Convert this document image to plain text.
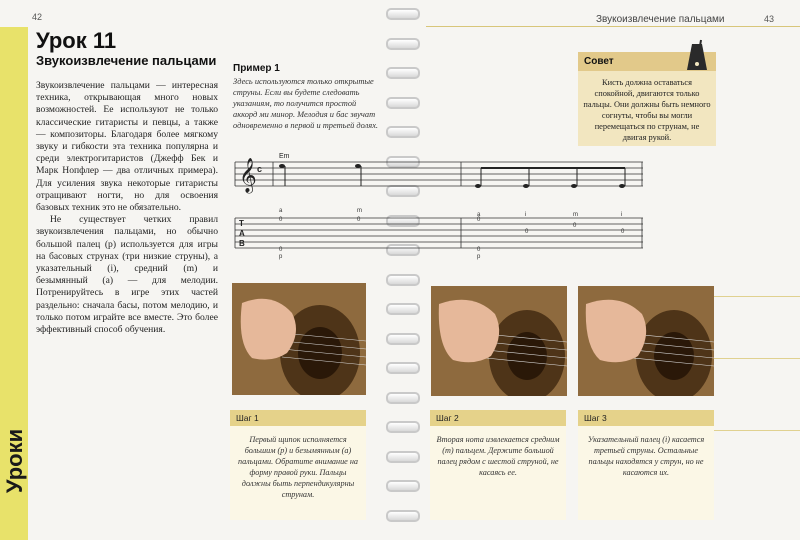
Уроки
42
Урок 11
Звукоизвлечение пальцами

Звукоизвлечение пальцами — интересная техника, открывающая много новых возможностей. Ее используют не только классические гитаристы и певцы, а также — композиторы. Благодаря более мягкому звуку и гибкости эта техника популярна и среди электрогитаристов (Джефф Бек и Марк Нопфлер — два отличных примера). Для усиления звука некоторые гитаристы отращивают ногти, но для освоения базовых техник это не обязательно.

Не существует четких правил звукоизвлечения пальцами, но обычно большой палец (p) используется для игры на басовых струнах (три низкие струны), а указательный (i), средний (m) и безымянный (a) — для мелодии. Потренируйтесь в игре этих частей раздельно: сначала басы, потом мелодию, и только потом играйте все вместе. Это более эффективный способ обучения.

Звукоизвлечение пальцами	43
Пример 1
Здесь используются только открытые струны. Если вы будете следовать указаниям, то получится простой аккорд ми минор. Мелодия и бас звучат одновременно в первой и третьей долях.
Совет
Кисть должна оставаться спокойной, двигаются только пальцы. Они должны быть немного согнуты, чтобы вы могли перемещаться по струнам, не двигая рукой.
𝄞 c
Em
a	m
a	i	m	i
T
A
B
0	0	0
0
0
0
0	0
p	p
Шаг 1
Первый щипок исполняется большим (p) и безымянным (a) пальцами. Обратите внимание на форму правой руки. Пальцы должны быть перпендикулярны струнам.
Шаг 2
Вторая нота извлекается средним (m) пальцем. Держите большой палец рядом с шестой струной, не касаясь ее.
Шаг 3
Указательный палец (i) касается третьей струны. Остальные пальцы находятся у струн, но не касаются их.
